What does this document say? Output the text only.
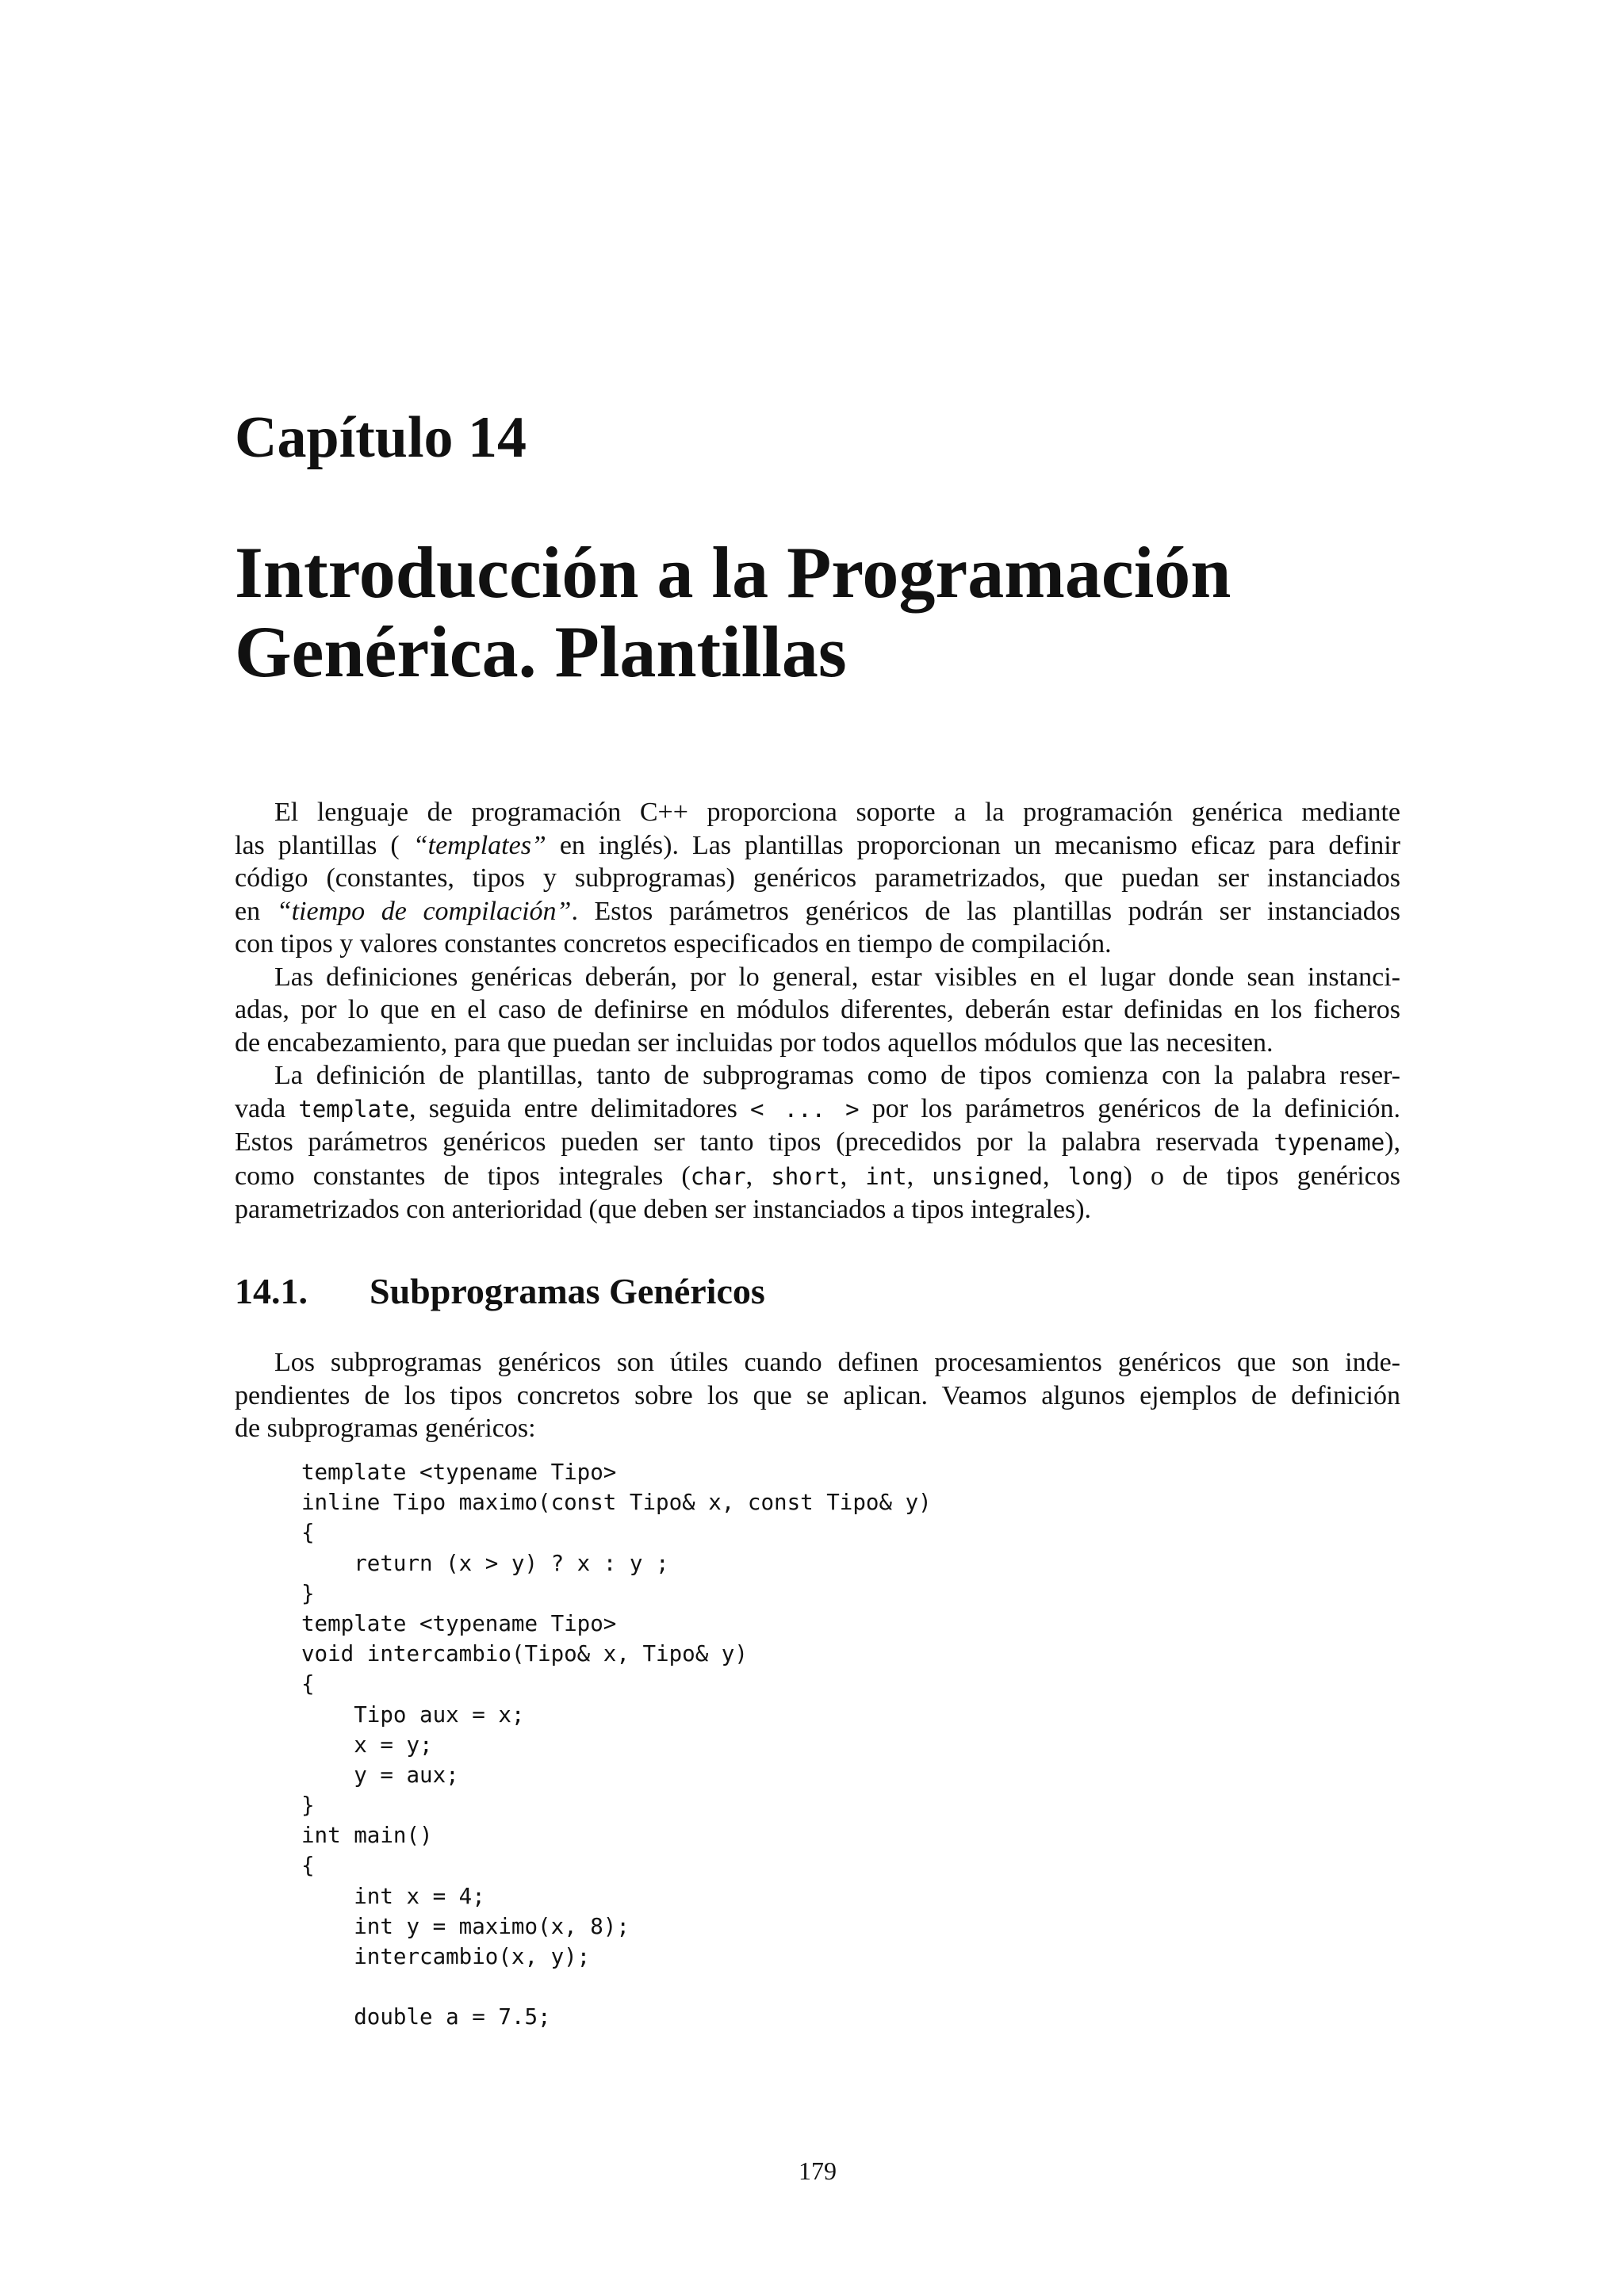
Capítulo 14
Introducción a la Programación
Genérica. Plantillas

El lenguaje de programación C++ proporciona soporte a la programación genérica mediante
las plantillas ( “templates” en inglés). Las plantillas proporcionan un mecanismo eficaz para definir
código (constantes, tipos y subprogramas) genéricos parametrizados, que puedan ser instanciados
en “tiempo de compilación”. Estos parámetros genéricos de las plantillas podrán ser instanciados
con tipos y valores constantes concretos especificados en tiempo de compilación.

Las definiciones genéricas deberán, por lo general, estar visibles en el lugar donde sean instanci-
adas, por lo que en el caso de definirse en módulos diferentes, deberán estar definidas en los ficheros
de encabezamiento, para que puedan ser incluidas por todos aquellos módulos que las necesiten.

La definición de plantillas, tanto de subprogramas como de tipos comienza con la palabra reser-
vada template, seguida entre delimitadores < ... > por los parámetros genéricos de la definición.
Estos parámetros genéricos pueden ser tanto tipos (precedidos por la palabra reservada typename),
como constantes de tipos integrales (char, short, int, unsigned, long) o de tipos genéricos
parametrizados con anterioridad (que deben ser instanciados a tipos integrales).

14.1. Subprogramas Genéricos
Los subprogramas genéricos son útiles cuando definen procesamientos genéricos que son inde-
pendientes de los tipos concretos sobre los que se aplican. Veamos algunos ejemplos de definición
de subprogramas genéricos:
template <typename Tipo>
inline Tipo maximo(const Tipo& x, const Tipo& y)
{
return (x > y) ? x : y ;
}
template <typename Tipo>
void intercambio(Tipo& x, Tipo& y)
{
Tipo aux = x;
x = y;
y = aux;
}
int main()
{
int x = 4;
int y = maximo(x, 8);
intercambio(x, y);
double a = 7.5;
179
